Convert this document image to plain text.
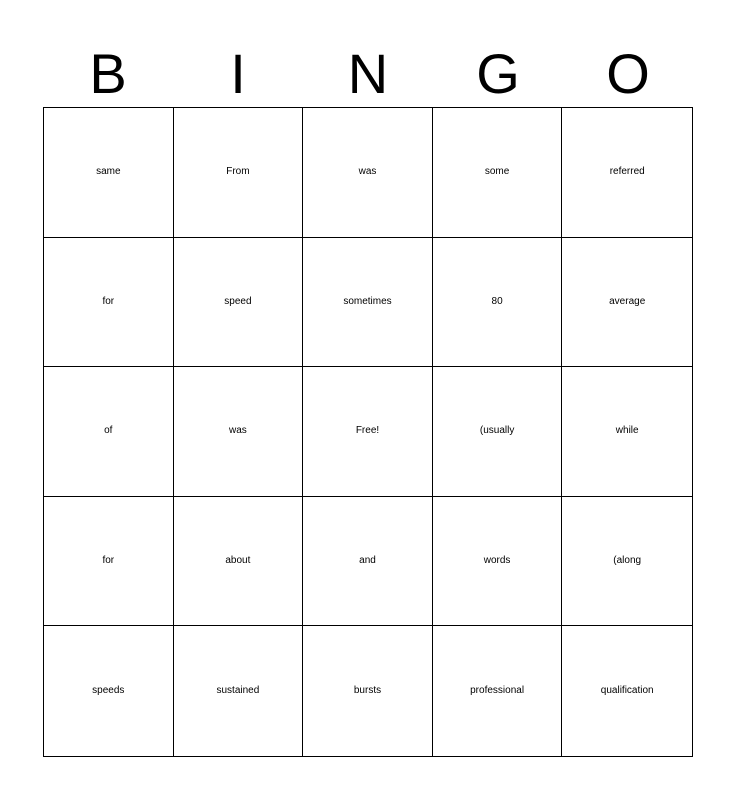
B	I	N	G	O
same	From	was	some	referred
for	speed	sometimes	80	average
of	was	Free!	(usually	while
for	about	and	words	(along
speeds	sustained	bursts	professional	qualification
